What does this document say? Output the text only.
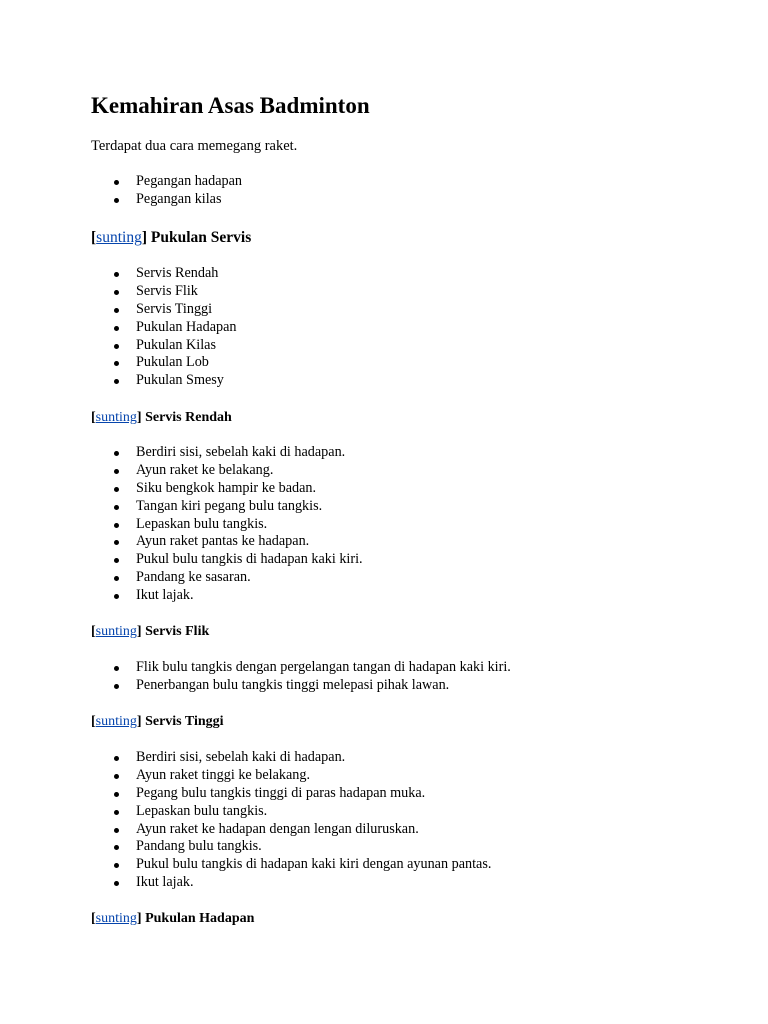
Kemahiran Asas Badminton

Terdapat dua cara memegang raket.

Pegangan hadapan
Pegangan kilas
[sunting] Pukulan Servis
Servis Rendah
Servis Flik
Servis Tinggi
Pukulan Hadapan
Pukulan Kilas
Pukulan Lob
Pukulan Smesy
[sunting] Servis Rendah
Berdiri sisi, sebelah kaki di hadapan.
Ayun raket ke belakang.
Siku bengkok hampir ke badan.
Tangan kiri pegang bulu tangkis.
Lepaskan bulu tangkis.
Ayun raket pantas ke hadapan.
Pukul bulu tangkis di hadapan kaki kiri.
Pandang ke sasaran.
Ikut lajak.
[sunting] Servis Flik
Flik bulu tangkis dengan pergelangan tangan di hadapan kaki kiri.
Penerbangan bulu tangkis tinggi melepasi pihak lawan.
[sunting] Servis Tinggi
Berdiri sisi, sebelah kaki di hadapan.
Ayun raket tinggi ke belakang.
Pegang bulu tangkis tinggi di paras hadapan muka.
Lepaskan bulu tangkis.
Ayun raket ke hadapan dengan lengan diluruskan.
Pandang bulu tangkis.
Pukul bulu tangkis di hadapan kaki kiri dengan ayunan pantas.
Ikut lajak.
[sunting] Pukulan Hadapan
